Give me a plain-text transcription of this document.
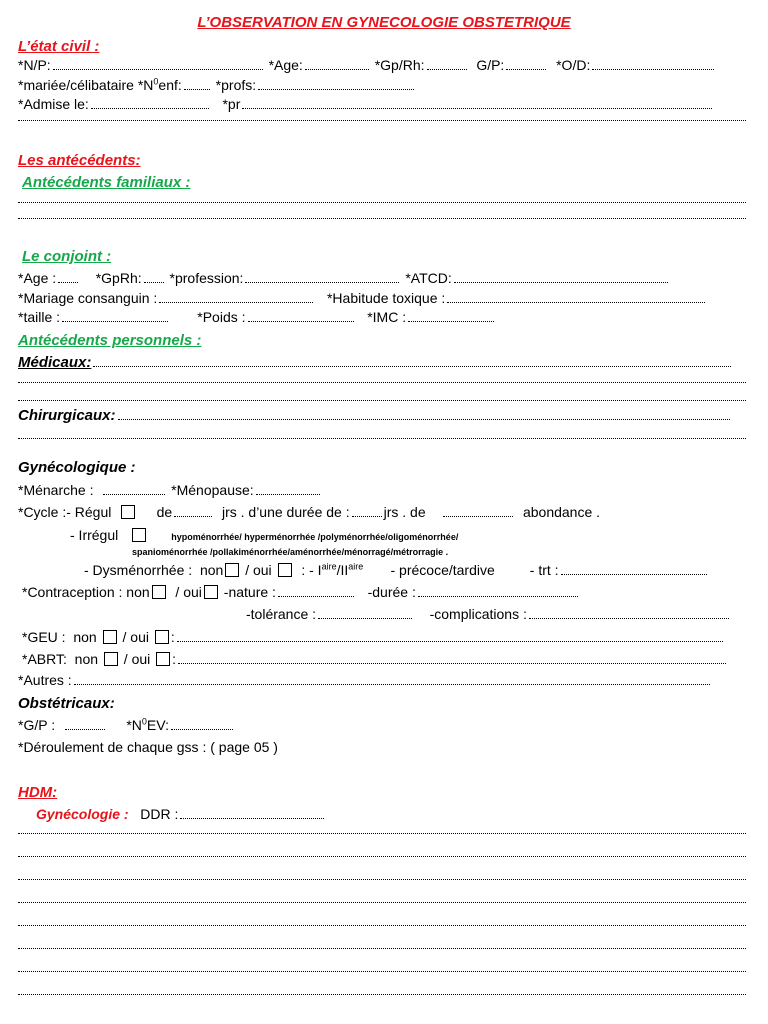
L’OBSERVATION EN GYNECOLOGIE OBSTETRIQUE
L’état civil :
*N/P:	*Age:	*Gp/Rh:	G/P:	*O/D:
*mariée/célibataire $*N^0enf$: *profs:
*Admise le:	*pr
Les antécédents:
Antécédents familiaux :
Le conjoint :
*Age :	*GpRh: *profession:	*ATCD:
*Mariage consanguin :	*Habitude toxique :
*taille :	*Poids :	*IMC :
Antécédents personnels :
Médicaux:
Chirurgicaux:
Gynécologique :
*Ménarche :	*Ménopause:
*Cycle :- Régul	de	jrs . d’une durée de : jrs . de	abondance .
- Irrégul	hypoménorrhée/ hyperménorrhée /polyménorrhée/oligoménorrhée/
spanioménorrhée /pollakiménorrhée/aménorrhée/ménorragé/métrorragie .
- Dysménorrhée : non / oui : - $I^{aire}/II^{aire}$ - précoce/tardive	- trt :
*Contraception : non / oui -nature :	-durée :
-tolérance :	-complications :
*GEU : non / oui :
*ABRT: non / oui :
*Autres :
Obstétricaux:
*G/P :	$*N^0EV$:
*Déroulement de chaque gss : ( page 05 )
HDM:
Gynécologie : DDR :
